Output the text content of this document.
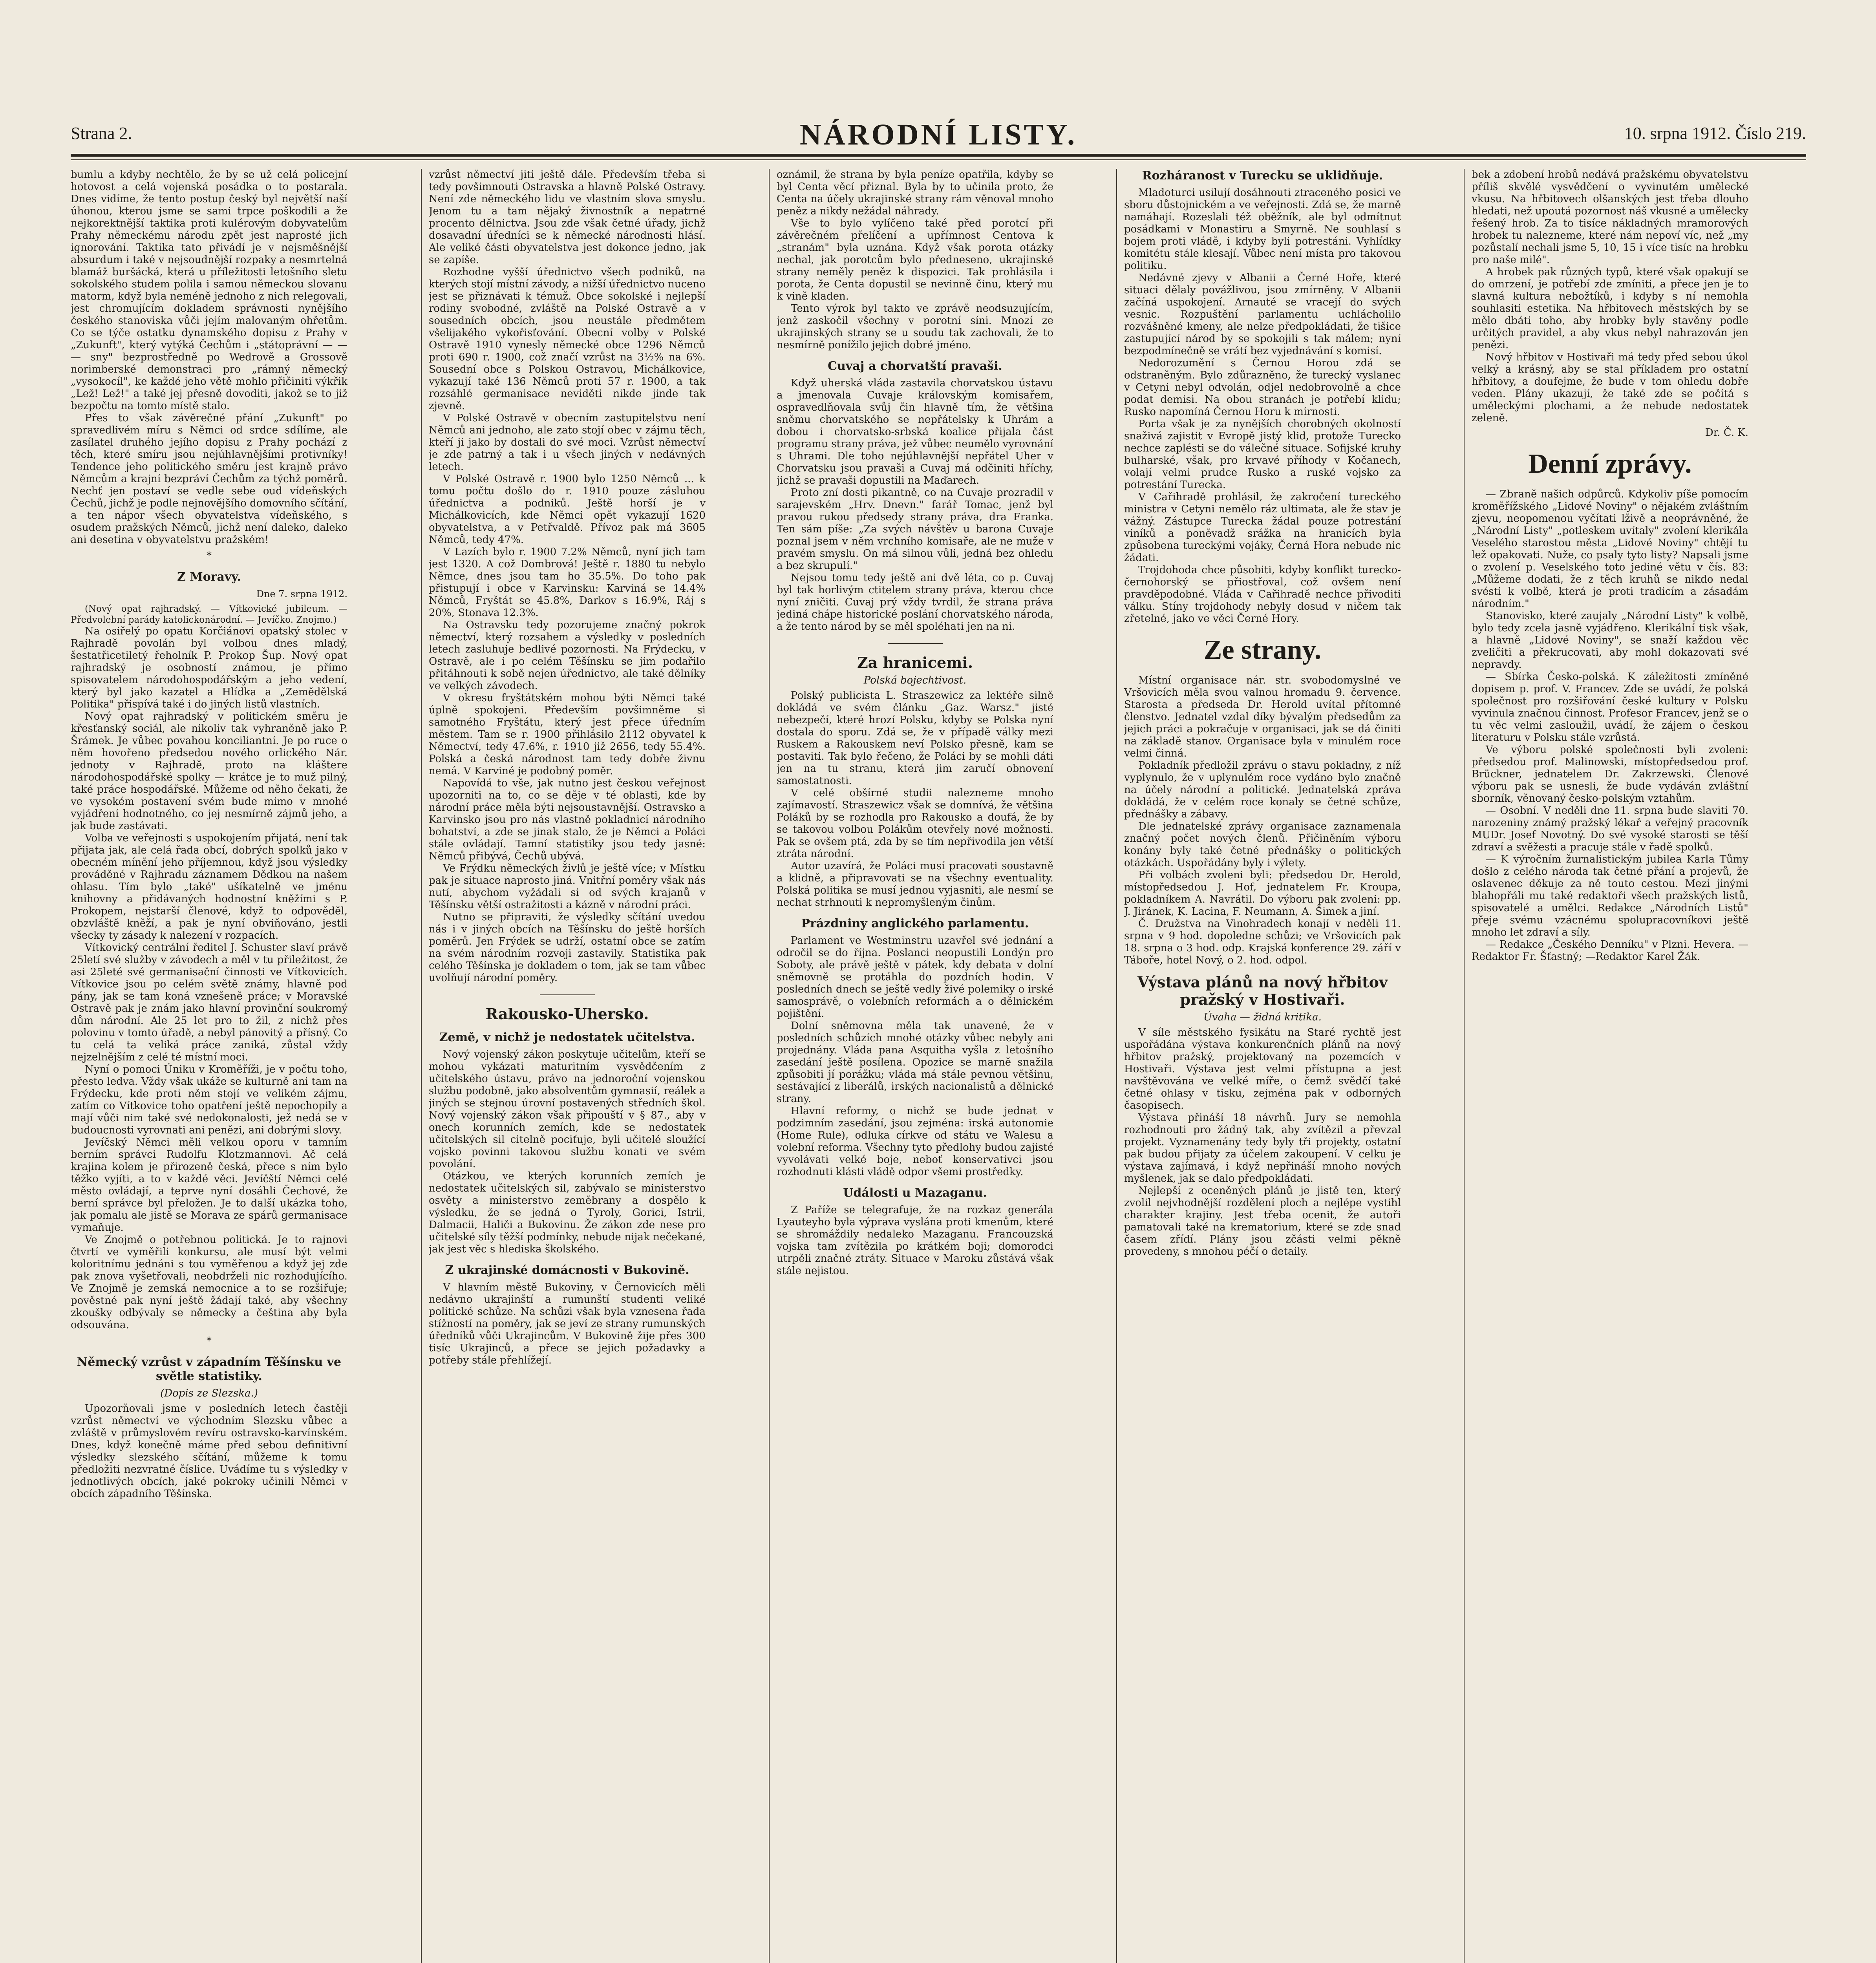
Strana 2.	NÁRODNÍ LISTY.	10. srpna 1912. Číslo 219.

bumlu a kdyby nechtělo, že by se už celá policejní hotovost a celá vojenská posádka o to postarala. Dnes vidíme, že tento postup český byl největší naší úhonou, kterou jsme se sami trpce poškodili a že nejkorektnější taktika proti kulérovým dobyvatelům Prahy německému národu zpět jest naprosté jich ignorování. Taktika tato přivádí je v nejsměšnější absurdum i také v nejsoudnější rozpaky a nesmrtelná blamáž buršácká, která u příležitosti letošního sletu sokolského studem polila i samou německou slovanu matorm, když byla neméně jednoho z nich relegovali, jest chromujícím dokladem správnosti nynějšího českého stanoviska vůči jejím malovaným ohřetům. Co se týče ostatku dynamského dopisu z Prahy v „Zukunft", který vytýká Čechům i „státoprávní — — — sny" bezprostředně po Wedrově a Grossově norimberské demonstraci pro „rámný německý „vysokocíl", ke každé jeho větě mohlo přičiniti výkřik „Lež! Lež!" a také jej přesně dovoditi, jakož se to již bezpočtu na tomto místě stalo.

Přes to však závěrečné přání „Zukunft" po spravedlivém míru s Němci od srdce sdílíme, ale zasílatel druhého jejího dopisu z Prahy pochází z těch, které smíru jsou nejúhlavnějšími protivníky! Tendence jeho politického směru jest krajně právo Němcům a krajní bezpráví Čechům za týchž poměrů. Nechť jen postaví se vedle sebe oud vídeňských Čechů, jichž je podle nejnovějšího domovního sčítání, a ten nápor všech obyvatelstva vídeňského, s osudem pražských Němců, jichž není daleko, daleko ani desetina v obyvatelstvu pražském!

*
Z Moravy.
Dne 7. srpna 1912.

(Nový opat rajhradský. — Vítkovické jubileum. — Předvolební parády katolickonárodní. — Jevíčko. Znojmo.)

Na osiřelý po opatu Korčiánovi opatský stolec v Rajhradě povolán byl volbou dnes mladý, šestatřicetiletý řeholník P. Prokop Šup. Nový opat rajhradský je osobností známou, je přímo spisovatelem národohospodářským a jeho vedení, který byl jako kazatel a Hlídka a „Zemědělská Politika" přispívá také i do jiných listů vlastních.

Nový opat rajhradský v politickém směru je křesťanský sociál, ale nikoliv tak vyhraněně jako P. Šrámek. Je vůbec povahou konciliantní. Je po ruce o něm hovořeno předsedou nového orlického Nár. jednoty v Rajhradě, proto na kláštere národohospodářské spolky — krátce je to muž pilný, také práce hospodářské. Můžeme od něho čekati, že ve vysokém postavení svém bude mimo v mnohé vyjádření hodnotného, co jej nesmírně zájmů jeho, a jak bude zastávati.

Volba ve veřejnosti s uspokojením přijatá, není tak přijata jak, ale celá řada obcí, dobrých spolků jako v obecném mínění jeho příjemnou, když jsou výsledky prováděné v Rajhradu záznamem Dědkou na našem ohlasu. Tím bylo „také" ušíkatelně ve jménu knihovny a přidávaných hodnostní kněžími s P. Prokopem, nejstarší členové, když to odpověděl, obzvláště kněží, a pak je nyní obviňováno, jestli všecky ty zásady k nalezení v rozpacích.

Vítkovický centrální ředitel J. Schuster slaví právě 25letí své služby v závodech a měl v tu přiležitost, že asi 25leté své germanisační činnosti ve Vítkovicích. Vítkovice jsou po celém světě známy, hlavně pod pány, jak se tam koná vznešeně práce; v Moravské Ostravě pak je znám jako hlavní provinční soukromý dům národní. Ale 25 let pro to žil, z nichž přes polovinu v tomto úřadě, a nebyl pánovitý a přísný. Co tu celá ta veliká práce zaniká, zůstal vždy nejzelnějším z celé té místní moci.

Nyní o pomoci Úniku v Kroměříži, je v počtu toho, přesto ledva. Vždy však ukáže se kulturně ani tam na Frýdecku, kde proti něm stojí ve velikém zájmu, zatím co Vítkovice toho opatření ještě nepochopily a mají vůči nim také své nedokonalosti, jež nedá se v budoucnosti vyrovnati ani penězi, ani dobrými slovy.

Jevíčský Němci měli velkou oporu v tamním berním správci Rudolfu Klotzmannovi. Ač celá krajina kolem je přirozeně česká, přece s ním bylo těžko vyjíti, a to v každé věci. Jevíčští Němci celé město ovládají, a teprve nyní dosáhli Čechové, že berní správce byl přeložen. Je to další ukázka toho, jak pomalu ale jistě se Morava ze spárů germanisace vymaňuje.

Ve Znojmě o potřebnou politická. Je to rajnovi čtvrtí ve vyměřili konkursu, ale musí být velmi koloritnímu jednáni s tou vyměřenou a když jej zde pak znova vyšetřovali, neobdrželi nic rozhodujícího. Ve Znojmě je zemská nemocnice a to se rozšiřuje; pověstné pak nyní ještě žádají také, aby všechny zkoušky odbývaly se německy a čeština aby byla odsouvána.

*
Německý vzrůst v západním Těšínsku ve světle statistiky.
(Dopis ze Slezska.)

Upozorňovali jsme v posledních letech častěji vzrůst němectví ve východním Slezsku vůbec a zvláště v průmyslovém revíru ostravsko-karvínském. Dnes, když konečně máme před sebou definitivní výsledky slezského sčítání, můžeme k tomu předložiti nezvratné číslice. Uvádíme tu s výsledky v jednotlivých obcích, jaké pokroky učinili Němci v obcích západního Těšínska.

vzrůst němectví jiti ještě dále. Především třeba si tedy povšimnouti Ostravska a hlavně Polské Ostravy. Není zde německého lidu ve vlastním slova smyslu. Jenom tu a tam nějaký živnostník a nepatrné procento dělnictva. Jsou zde však četné úřady, jichž dosavadní úředníci se k německé národnosti hlásí. Ale veliké části obyvatelstva jest dokonce jedno, jak se zapíše.

Rozhodne vyšší úřednictvo všech podniků, na kterých stojí místní závody, a nižší úřednictvo nuceno jest se přiznávati k témuž. Obce sokolské i nejlepší rodiny svobodné, zvláště na Polské Ostravě a v sousedních obcích, jsou neustále předmětem všelijakého vykořisťování. Obecní volby v Polské Ostravě 1910 vynesly německé obce 1296 Němců proti 690 r. 1900, což značí vzrůst na 3½% na 6%. Sousední obce s Polskou Ostravou, Michálkovice, vykazují také 136 Němců proti 57 r. 1900, a tak rozsáhlé germanisace neviděti nikde jinde tak zjevně.

V Polské Ostravě v obecním zastupitelstvu není Němců ani jednoho, ale zato stojí obec v zájmu těch, kteří ji jako by dostali do své moci. Vzrůst němectví je zde patrný a tak i u všech jiných v nedávných letech.

V Polské Ostravě r. 1900 bylo 1250 Němců ... k tomu počtu došlo do r. 1910 pouze zásluhou úřednictva a podniků. Ještě horší je v Michálkovicích, kde Němci opět vykazují 1620 obyvatelstva, a v Petřvaldě. Přívoz pak má 3605 Němců, tedy 47%.

V Lazích bylo r. 1900 7.2% Němců, nyní jich tam jest 1320. A což Dombrová! Ještě r. 1880 tu nebylo Němce, dnes jsou tam ho 35.5%. Do toho pak přistupují i obce v Karvinsku: Karviná se 14.4% Němců, Fryštát se 45.8%, Darkov s 16.9%, Ráj s 20%, Stonava 12.3%.

Na Ostravsku tedy pozorujeme značný pokrok němectví, který rozsahem a výsledky v posledních letech zasluhuje bedlivé pozornosti. Na Frýdecku, v Ostravě, ale i po celém Těšínsku se jim podařilo přitáhnouti k sobě nejen úřednictvo, ale také dělníky ve velkých závodech.

V okresu fryštátském mohou býti Němci také úplně spokojeni. Především povšimněme si samotného Fryštátu, který jest přece úředním městem. Tam se r. 1900 přihlásilo 2112 obyvatel k Němectví, tedy 47.6%, r. 1910 již 2656, tedy 55.4%. Polská a česká národnost tam tedy dobře živnu nemá. V Karviné je podobný poměr.

Napovídá to vše, jak nutno jest českou veřejnost upozorniti na to, co se děje v té oblasti, kde by národní práce měla býti nejsoustavnější. Ostravsko a Karvinsko jsou pro nás vlastně pokladnicí národního bohatství, a zde se jinak stalo, že je Němci a Poláci stále ovládají. Tamní statistiky jsou tedy jasné: Němců přibývá, Čechů ubývá.

Ve Frýdku německých živlů je ještě více; v Místku pak je situace naprosto jiná. Vnitřní poměry však nás nutí, abychom vyžádali si od svých krajanů v Těšínsku větší ostražitosti a kázně v národní práci.

Nutno se připraviti, že výsledky sčítání uvedou nás i v jiných obcích na Těšínsku do ještě horších poměrů. Jen Frýdek se udrží, ostatní obce se zatím na svém národním rozvoji zastavily. Statistika pak celého Těšínska je dokladem o tom, jak se tam vůbec uvolňují národní poměry.

Rakousko-Uhersko.
Země, v nichž je nedostatek učitelstva.

Nový vojenský zákon poskytuje učitelům, kteří se mohou vykázati maturitním vysvědčením z učitelského ústavu, právo na jednoroční vojenskou službu podobně, jako absolventům gymnasií, reálek a jiných se stejnou úrovní postavených středních škol. Nový vojenský zákon však připouští v § 87., aby v onech korunních zemích, kde se nedostatek učitelských sil citelně pociťuje, byli učitelé sloužící vojsko povinni takovou službu konati ve svém povolání.

Otázkou, ve kterých korunních zemích je nedostatek učitelských sil, zabývalo se ministerstvo osvěty a ministerstvo zeměbrany a dospělo k výsledku, že se jedná o Tyroly, Gorici, Istrii, Dalmacii, Haliči a Bukovinu. Že zákon zde nese pro učitelské síly těžší podmínky, nebude nijak nečekané, jak jest věc s hlediska školského.

Z ukrajinské domácnosti v Bukovině.

V hlavním městě Bukoviny, v Černovicích měli nedávno ukrajinští a rumunští studenti veliké politické schůze. Na schůzi však byla vznesena řada stížností na poměry, jak se jeví ze strany rumunských úředníků vůči Ukrajincům. V Bukovině žije přes 300 tisíc Ukrajinců, a přece se jejich požadavky a potřeby stále přehlížejí.

oznámil, že strana by byla peníze opatřila, kdyby se byl Centa věcí přiznal. Byla by to učinila proto, že Centa na účely ukrajinské strany rám věnoval mnoho peněz a nikdy nežádal náhrady.

Vše to bylo vylíčeno také před porotcí při závěrečném přelíčení a upřímnost Centova k „stranám" byla uznána. Když však porota otázky nechal, jak porotcům bylo předneseno, ukrajinské strany neměly peněz k dispozici. Tak prohlásila i porota, že Centa dopustil se nevinně činu, který mu k vině kladen.

Tento výrok byl takto ve zprávě neodsuzujícím, jenž zaskočil všechny v porotní síni. Mnozí ze ukrajinských strany se u soudu tak zachovali, že to nesmírně ponížilo jejich dobré jméno.

Cuvaj a chorvatští pravaši.

Když uherská vláda zastavila chorvatskou ústavu a jmenovala Cuvaje královským komisařem, ospravedlňovala svůj čin hlavně tím, že většina sněmu chorvatského se nepřátelsky k Uhrám a dobou i chorvatsko-srbská koalice přijala část programu strany práva, jež vůbec neumělo vyrovnání s Uhrami. Dle toho nejúhlavnější nepřátel Uher v Chorvatsku jsou pravaši a Cuvaj má odčiniti hříchy, jichž se pravaši dopustili na Maďarech.

Proto zní dosti pikantně, co na Cuvaje prozradil v sarajevském „Hrv. Dnevn." farář Tomac, jenž byl pravou rukou předsedy strany práva, dra Franka. Ten sám píše: „Za svých návštěv u barona Cuvaje poznal jsem v něm vrchního komisaře, ale ne muže v pravém smyslu. On má silnou vůli, jedná bez ohledu a bez skrupulí."

Nejsou tomu tedy ještě ani dvě léta, co p. Cuvaj byl tak horlivým ctitelem strany práva, kterou chce nyní zničiti. Cuvaj prý vždy tvrdil, že strana práva jediná chápe historické poslání chorvatského národa, a že tento národ by se měl spoléhati jen na ni.

Za hranicemi.
Polská bojechtivost.

Polský publicista L. Straszewicz za lektéře silně dokládá ve svém článku „Gaz. Warsz." jisté nebezpečí, které hrozí Polsku, kdyby se Polska nyní dostala do sporu. Zdá se, že v případě války mezi Ruskem a Rakouskem neví Polsko přesně, kam se postaviti. Tak bylo řečeno, že Poláci by se mohli dáti jen na tu stranu, která jim zaručí obnovení samostatnosti.

V celé obšírné studii nalezneme mnoho zajímavostí. Straszewicz však se domnívá, že většina Poláků by se rozhodla pro Rakousko a doufá, že by se takovou volbou Polákům otevřely nové možnosti. Pak se ovšem ptá, zda by se tím nepřivodila jen větší ztráta národní.

Autor uzavírá, že Poláci musí pracovati soustavně a klidně, a připravovati se na všechny eventuality. Polská politika se musí jednou vyjasniti, ale nesmí se nechat strhnouti k nepromyšleným činům.

Prázdniny anglického parlamentu.

Parlament ve Westminstru uzavřel své jednání a odročil se do října. Poslanci neopustili Londýn pro Soboty, ale právě ještě v pátek, kdy debata v dolní sněmovně se protáhla do pozdních hodin. V posledních dnech se ještě vedly živé polemiky o irské samosprávě, o volebních reformách a o dělnickém pojištění.

Dolní sněmovna měla tak unavené, že v posledních schůzích mnohé otázky vůbec nebyly ani projednány. Vláda pana Asquitha vyšla z letošního zasedání ještě posílena. Opozice se marně snažila způsobiti jí porážku; vláda má stále pevnou většinu, sestávající z liberálů, irských nacionalistů a dělnické strany.

Hlavní reformy, o nichž se bude jednat v podzimním zasedání, jsou zejména: irská autonomie (Home Rule), odluka církve od státu ve Walesu a volební reforma. Všechny tyto předlohy budou zajisté vyvolávati velké boje, neboť konservativci jsou rozhodnuti klásti vládě odpor všemi prostředky.

Události u Mazaganu.

Z Paříže se telegrafuje, že na rozkaz generála Lyauteyho byla výprava vyslána proti kmenům, které se shromáždily nedaleko Mazaganu. Francouzská vojska tam zvítězila po krátkém boji; domorodci utrpěli značné ztráty. Situace v Maroku zůstává však stále nejistou.

Rozháranost v Turecku se uklidňuje.

Mladoturci usilují dosáhnouti ztraceného posici ve sboru důstojnickém a ve veřejnosti. Zdá se, že marně namáhají. Rozeslali též oběžník, ale byl odmítnut posádkami v Monastiru a Smyrně. Ne souhlasí s bojem proti vládě, i kdyby byli potrestáni. Vyhlídky komitétu stále klesají. Vůbec není místa pro takovou politiku.

Nedávné zjevy v Albanii a Černé Hoře, které situaci dělaly povážlivou, jsou zmírněny. V Albanii začíná uspokojení. Arnauté se vracejí do svých vesnic. Rozpuštění parlamentu uchlácholilo rozvášněné kmeny, ale nelze předpokládati, že tišice zastupující národ by se spokojili s tak málem; nyní bezpodmínečně se vrátí bez vyjednávání s komisí.

Nedorozumění s Černou Horou zdá se odstraněným. Bylo zdůrazněno, že turecký vyslanec v Cetyni nebyl odvolán, odjel nedobrovolně a chce podat demisi. Na obou stranách je potřebí klidu; Rusko napomíná Černou Horu k mírnosti.

Porta však je za nynějších chorobných okolností snaživá zajistit v Evropě jistý klid, protože Turecko nechce zaplésti se do válečné situace. Sofijské kruhy bulharské, však, pro krvavé příhody v Kočanech, volají velmi prudce Rusko a ruské vojsko za potrestání Turecka.

V Cařihradě prohlásil, že zakročení tureckého ministra v Cetyni nemělo ráz ultimata, ale že stav je vážný. Zástupce Turecka žádal pouze potrestání viníků a poněvadž srážka na hranicích byla způsobena tureckými vojáky, Černá Hora nebude nic žádati.

Trojdohoda chce působiti, kdyby konflikt turecko-černohorský se přiostřoval, což ovšem není pravděpodobné. Vláda v Cařihradě nechce přivoditi válku. Stíny trojdohody nebyly dosud v ničem tak zřetelné, jako ve věci Černé Hory.

Ze strany.

Místní organisace nár. str. svobodomyslné ve Vršovicích měla svou valnou hromadu 9. července. Starosta a předseda Dr. Herold uvítal přítomné členstvo. Jednatel vzdal díky bývalým předsedům za jejich práci a pokračuje v organisaci, jak se dá činiti na základě stanov. Organisace byla v minulém roce velmi činná.

Pokladník předložil zprávu o stavu pokladny, z níž vyplynulo, že v uplynulém roce vydáno bylo značně na účely národní a politické. Jednatelská zpráva dokládá, že v celém roce konaly se četné schůze, přednášky a zábavy.

Dle jednatelské zprávy organisace zaznamenala značný počet nových členů. Přičiněním výboru konány byly také četné přednášky o politických otázkách. Uspořádány byly i výlety.

Při volbách zvoleni byli: předsedou Dr. Herold, místopředsedou J. Hof, jednatelem Fr. Kroupa, pokladníkem A. Navrátil. Do výboru pak zvoleni: pp. J. Jiránek, K. Lacina, F. Neumann, A. Šimek a jiní.

Č. Družstva na Vinohradech konají v neděli 11. srpna v 9 hod. dopoledne schůzi; ve Vršovicích pak 18. srpna o 3 hod. odp. Krajská konference 29. září v Táboře, hotel Nový, o 2. hod. odpol.

Výstava plánů na nový hřbitov pražský v Hostivaři.
Úvaha — židná kritika.

V síle městského fysikátu na Staré rychtě jest uspořádána výstava konkurenčních plánů na nový hřbitov pražský, projektovaný na pozemcích v Hostivaři. Výstava jest velmi přístupna a jest navštěvována ve velké míře, o čemž svědčí také četné ohlasy v tisku, zejména pak v odborných časopisech.

Výstava přináší 18 návrhů. Jury se nemohla rozhodnouti pro žádný tak, aby zvítězil a převzal projekt. Vyznamenány tedy byly tři projekty, ostatní pak budou přijaty za účelem zakoupení. V celku je výstava zajímavá, i když nepřináší mnoho nových myšlenek, jak se dalo předpokládati.

Nejlepší z oceněných plánů je jistě ten, který zvolil nejvhodnější rozdělení ploch a nejlépe vystihl charakter krajiny. Jest třeba ocenit, že autoři pamatovali také na krematorium, které se zde snad časem zřídí. Plány jsou zčásti velmi pěkně provedeny, s mnohou péčí o detaily.

bek a zdobení hrobů nedává pražskému obyvatelstvu příliš skvělé vysvědčení o vyvinutém umělecké vkusu. Na hřbitovech olšanských jest třeba dlouho hledati, než upoutá pozornost náš vkusné a umělecky řešený hrob. Za to tisíce nákladných mramorových hrobek tu nalezneme, které nám nepoví víc, než „my pozůstalí nechali jsme 5, 10, 15 i více tisíc na hrobku pro naše milé".

A hrobek pak různých typů, které však opakují se do omrzení, je potřebí zde zmíniti, a přece jen je to slavná kultura nebožtíků, i kdyby s ní nemohla souhlasiti estetika. Na hřbitovech městských by se mělo dbáti toho, aby hrobky byly stavěny podle určitých pravidel, a aby vkus nebyl nahrazován jen penězi.

Nový hřbitov v Hostivaři má tedy před sebou úkol velký a krásný, aby se stal příkladem pro ostatní hřbitovy, a doufejme, že bude v tom ohledu dobře veden. Plány ukazují, že také zde se počítá s uměleckými plochami, a že nebude nedostatek zeleně.

Dr. Č. K.
Denní zprávy.

— Zbraně našich odpůrců. Kdykoliv píše pomocím kroměřížského „Lidové Noviny" o nějakém zvláštním zjevu, neopomenou vyčítati lživě a neoprávněné, že „Národní Listy" „potleskem uvítaly" zvolení klerikála Veselého starostou města „Lidové Noviny" chtějí tu lež opakovati. Nuže, co psaly tyto listy? Napsali jsme o zvolení p. Veselského toto jediné větu v čís. 83: „Můžeme dodati, že z těch kruhů se nikdo nedal svésti k volbě, která je proti tradicím a zásadám národním."

Stanovisko, které zaujaly „Národní Listy" k volbě, bylo tedy zcela jasně vyjádřeno. Klerikální tisk však, a hlavně „Lidové Noviny", se snaží každou věc zveličiti a překrucovati, aby mohl dokazovati své nepravdy.

— Sbírka Česko-polská. K záležitosti zmíněné dopisem p. prof. V. Francev. Zde se uvádí, že polská společnost pro rozšiřování české kultury v Polsku vyvinula značnou činnost. Profesor Francev, jenž se o tu věc velmi zasloužil, uvádí, že zájem o českou literaturu v Polsku stále vzrůstá.

Ve výboru polské společnosti byli zvoleni: předsedou prof. Malinowski, místopředsedou prof. Brückner, jednatelem Dr. Zakrzewski. Členové výboru pak se usnesli, že bude vydáván zvláštní sborník, věnovaný česko-polským vztahům.

— Osobní. V neděli dne 11. srpna bude slaviti 70. narozeniny známý pražský lékař a veřejný pracovník MUDr. Josef Novotný. Do své vysoké starosti se těší zdraví a svěžesti a pracuje stále v řadě spolků.

— K výročním žurnalistickým jubilea Karla Tůmy došlo z celého národa tak četné přání a projevů, že oslavenec děkuje za ně touto cestou. Mezi jinými blahopřáli mu také redaktoři všech pražských listů, spisovatelé a umělci. Redakce „Národních Listů" přeje svému vzácnému spolupracovníkovi ještě mnoho let zdraví a síly.

— Redakce „Českého Denníku" v Plzni. Hevera. — Redaktor Fr. Šťastný; —Redaktor Karel Žák.
